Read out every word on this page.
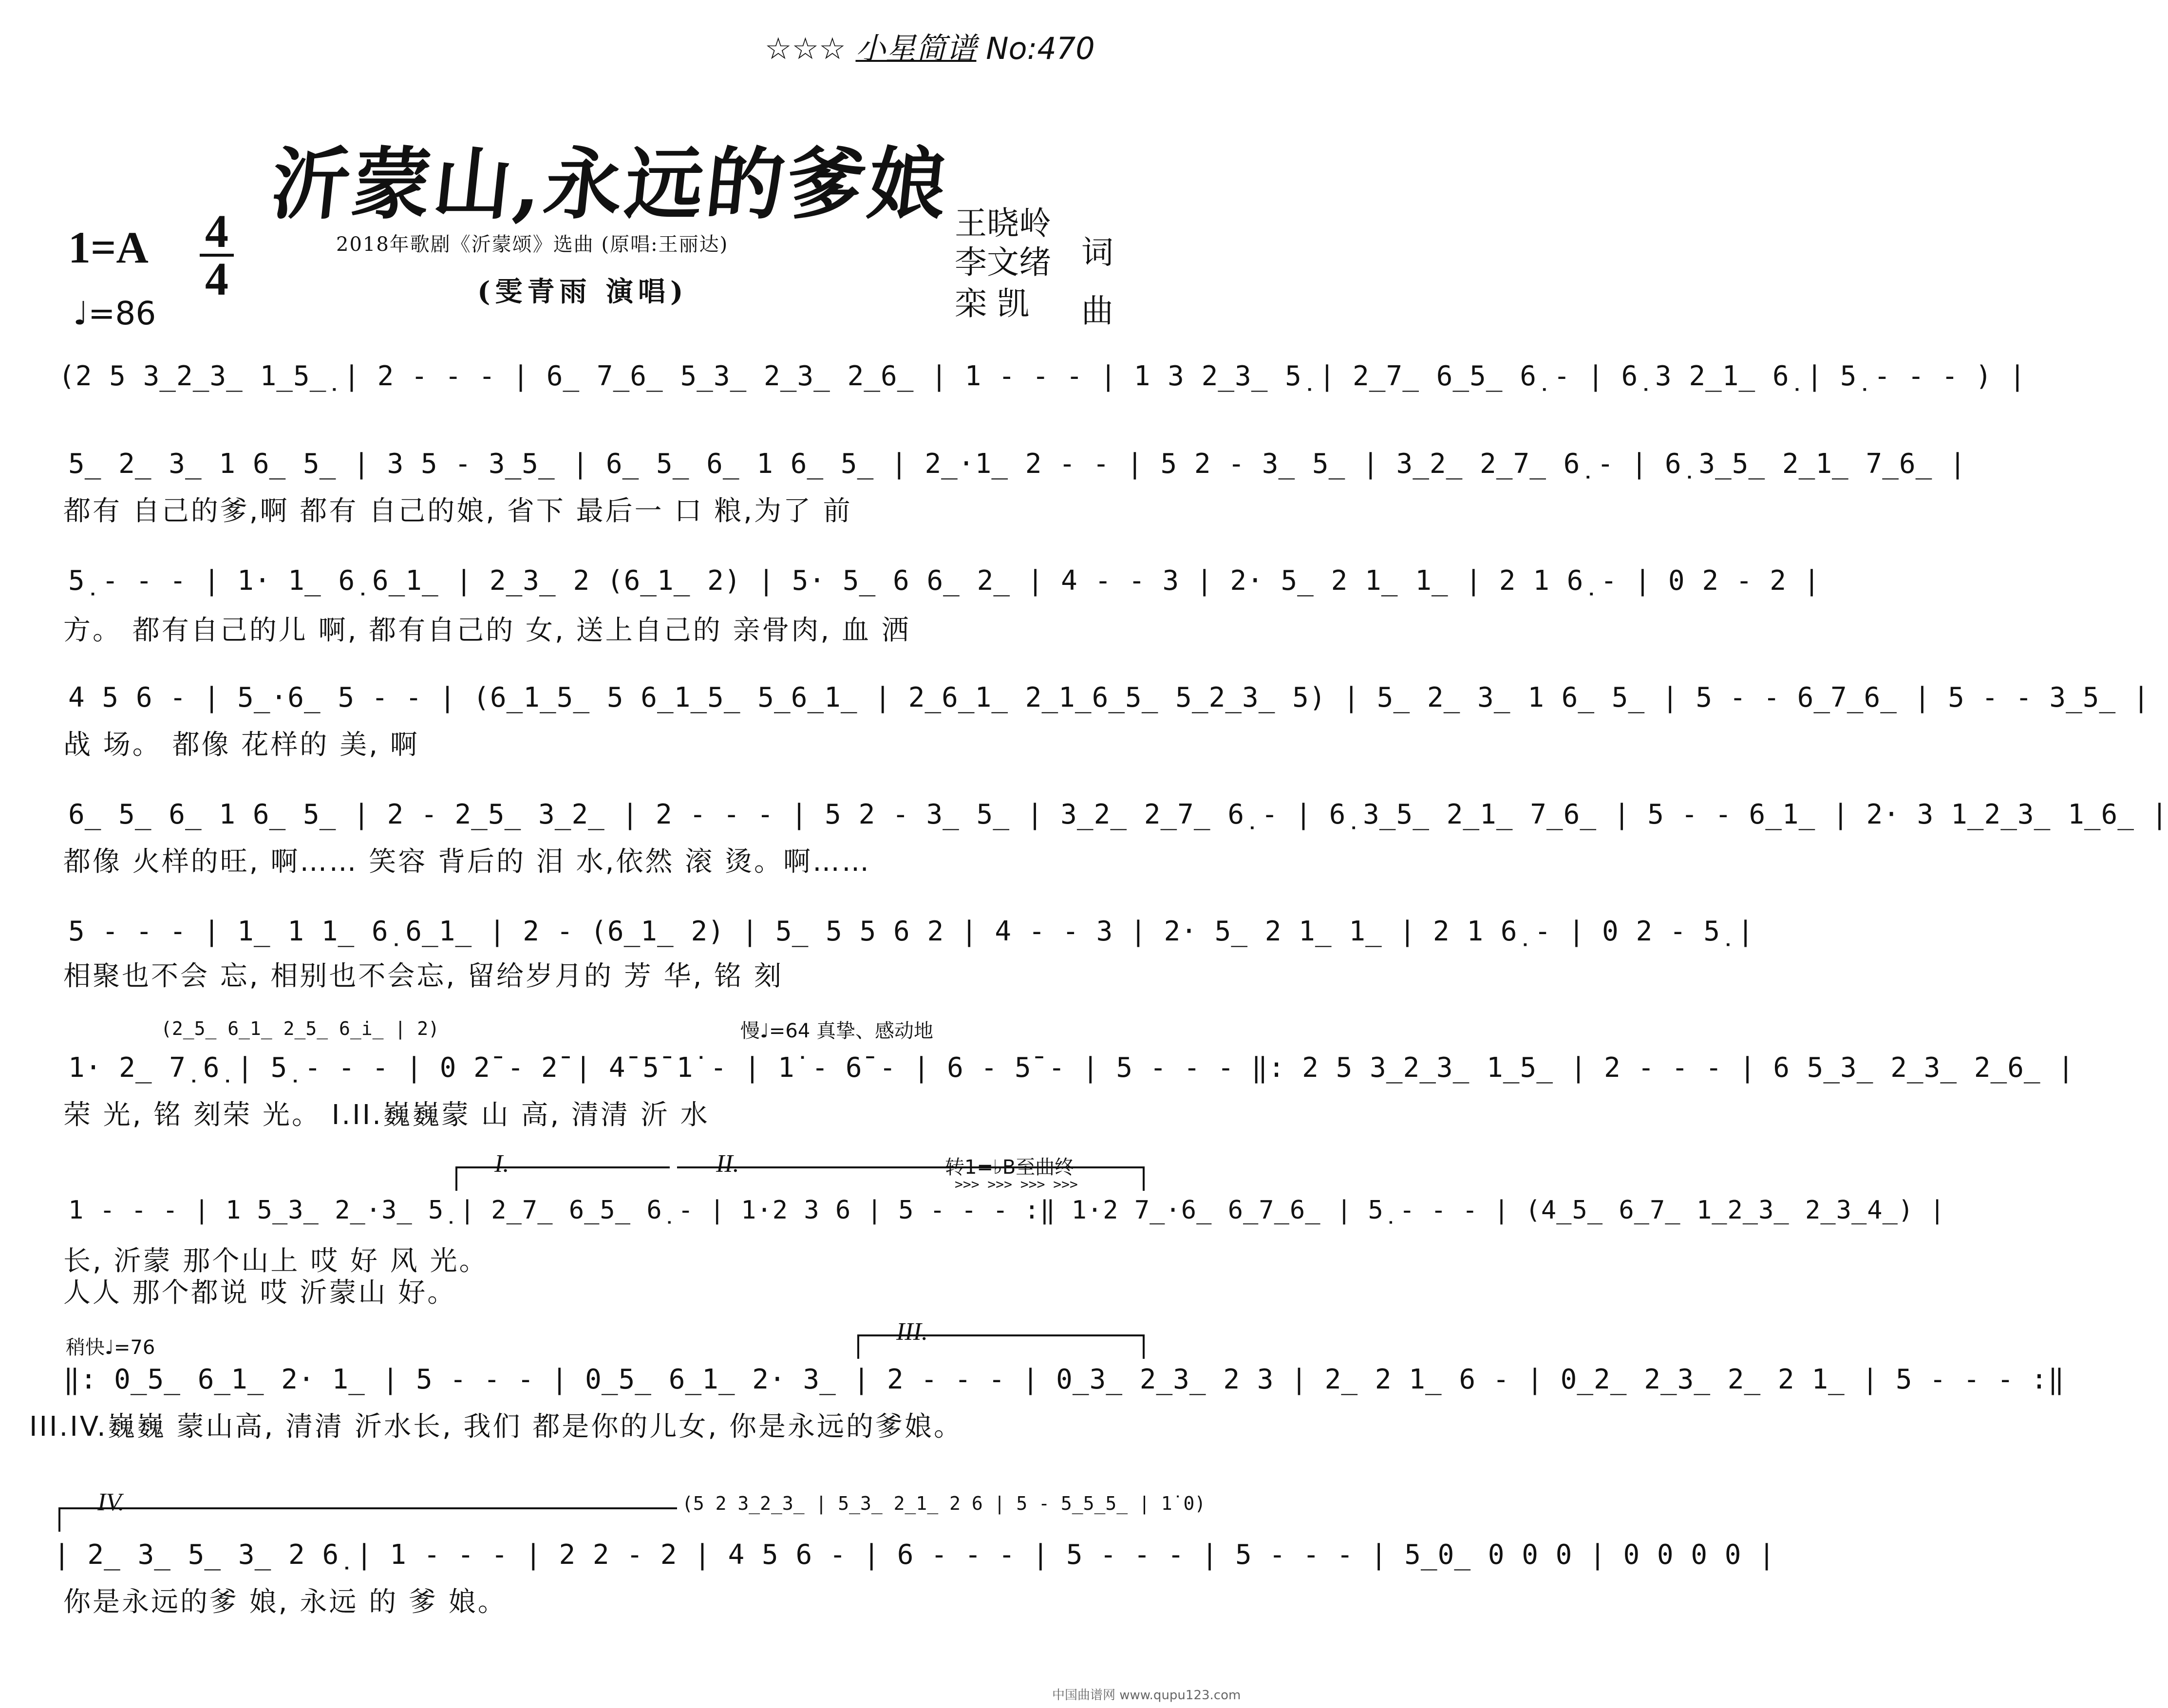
☆☆☆ 小星简谱 No:470
沂蒙山,永远的爹娘
2018年歌剧《沂蒙颂》选曲 (原唱:王丽达)
(雯青雨 演唱)
1=A 4
4
♩=86
王晓岭
李文绪 词
栾 凯 曲
(2 5 3̲2̲3̲ 1̲5̲̣ | 2 - - - | 6̲ 7̲6̲ 5̲3̲ 2̲3̲ 2̲6̲ | 1 - - - | 1 3 2̲3̲ 5̣ | 2̲7̲ 6̲5̲ 6̣ - | 6̣ 3 2̲1̲ 6̣ | 5̣ - - - ) |
5̲ 2̲ 3̲ 1 6̲ 5̲ | 3 5 - 3̲5̲ | 6̲ 5̲ 6̲ 1 6̲ 5̲ | 2̲·1̲ 2 - - | 5 2 - 3̲ 5̲ | 3̲2̲ 2̲7̲ 6̣ - | 6̣ 3̲5̲ 2̲1̲ 7̲6̲ |
都有 自己的爹,啊 都有 自己的娘, 省下 最后一 口 粮,为了 前
5̣ - - - | 1· 1̲ 6̣ 6̲1̲ | 2̲3̲ 2 (6̲1̲ 2) | 5· 5̲ 6 6̲ 2̲ | 4 - - 3 | 2· 5̲ 2 1̲ 1̲ | 2 1 6̣ - | 0 2 - 2 |
方。 都有自己的儿 啊, 都有自己的 女, 送上自己的 亲骨肉, 血 洒
4 5 6 - | 5̲·6̲ 5 - - | (6̲1̲5̲ 5 6̲1̲5̲ 5̲6̲1̲ | 2̲6̲1̲ 2̲1̲6̲5̲ 5̲2̲3̲ 5) | 5̲ 2̲ 3̲ 1 6̲ 5̲ | 5 - - 6̲7̲6̲ | 5 - - 3̲5̲ |
战 场。 都像 花样的 美, 啊
6̲ 5̲ 6̲ 1 6̲ 5̲ | 2 - 2̲5̲ 3̲2̲ | 2 - - - | 5 2 - 3̲ 5̲ | 3̲2̲ 2̲7̲ 6̣ - | 6̣ 3̲5̲ 2̲1̲ 7̲6̲ | 5 - - 6̲1̲ | 2· 3 1̲2̲3̲ 1̲6̲ |
都像 火样的旺, 啊…… 笑容 背后的 泪 水,依然 滚 烫。啊……
5 - - - | 1̲ 1 1̲ 6̣ 6̲1̲ | 2 - (6̲1̲ 2) | 5̲ 5 5 6 2 | 4 - - 3 | 2· 5̲ 2 1̲ 1̲ | 2 1 6̣ - | 0 2 - 5̣ |
相聚也不会 忘, 相别也不会忘, 留给岁月的 芳 华, 铭 刻
(2̲5̲ 6̲1̲ 2̲5̲ 6̲i̲ | 2)	慢♩=64 真挚、感动地
1· 2̲ 7̣ 6̣ | 5̣ - - - | 0 2̄ - 2̄ | 4̄ 5̄ 1̇ - | 1̇ - 6̄ - | 6 - 5̄ - | 5 - - - ‖: 2 5 3̲2̲3̲ 1̲5̲ | 2 - - - | 6 5̲3̲ 2̲3̲ 2̲6̲ |
荣 光, 铭 刻荣 光。 I.II.巍巍蒙 山 高, 清清 沂 水
I.	II.	转1=♭B至曲终
>>> >>> >>> >>>
1 - - - | 1 5̲3̲ 2̲·3̲ 5̣ | 2̲7̲ 6̲5̲ 6̣ - | 1·2 3 6 | 5 - - - :‖ 1·2 7̲·6̲ 6̲7̲6̲ | 5̣ - - - | (4̲5̲ 6̲7̲ 1̲2̲3̲ 2̲3̲4̲) |
长, 沂蒙 那个山上 哎 好 风 光。
人人 那个都说 哎 沂蒙山 好。
稍快♩=76
III.
‖: 0̲5̲ 6̲1̲ 2· 1̲ | 5 - - - | 0̲5̲ 6̲1̲ 2· 3̲ | 2 - - - | 0̲3̲ 2̲3̲ 2 3 | 2̲ 2 1̲ 6 - | 0̲2̲ 2̲3̲ 2̲ 2 1̲ | 5 - - - :‖
III.IV.巍巍 蒙山高, 清清 沂水长, 我们 都是你的儿女, 你是永远的爹娘。
IV.	(5 2 3̲2̲3̲ | 5̲3̲ 2̲1̲ 2 6 | 5 - 5̲5̲5̲ | 1̇ 0)
| 2̲ 3̲ 5̲ 3̲ 2 6̣ | 1 - - - | 2 2 - 2 | 4 5 6 - | 6 - - - | 5 - - - | 5 - - - | 5̲0̲ 0 0 0 | 0 0 0 0 |
你是永远的爹 娘, 永远 的 爹 娘。
中国曲谱网 www.qupu123.com
